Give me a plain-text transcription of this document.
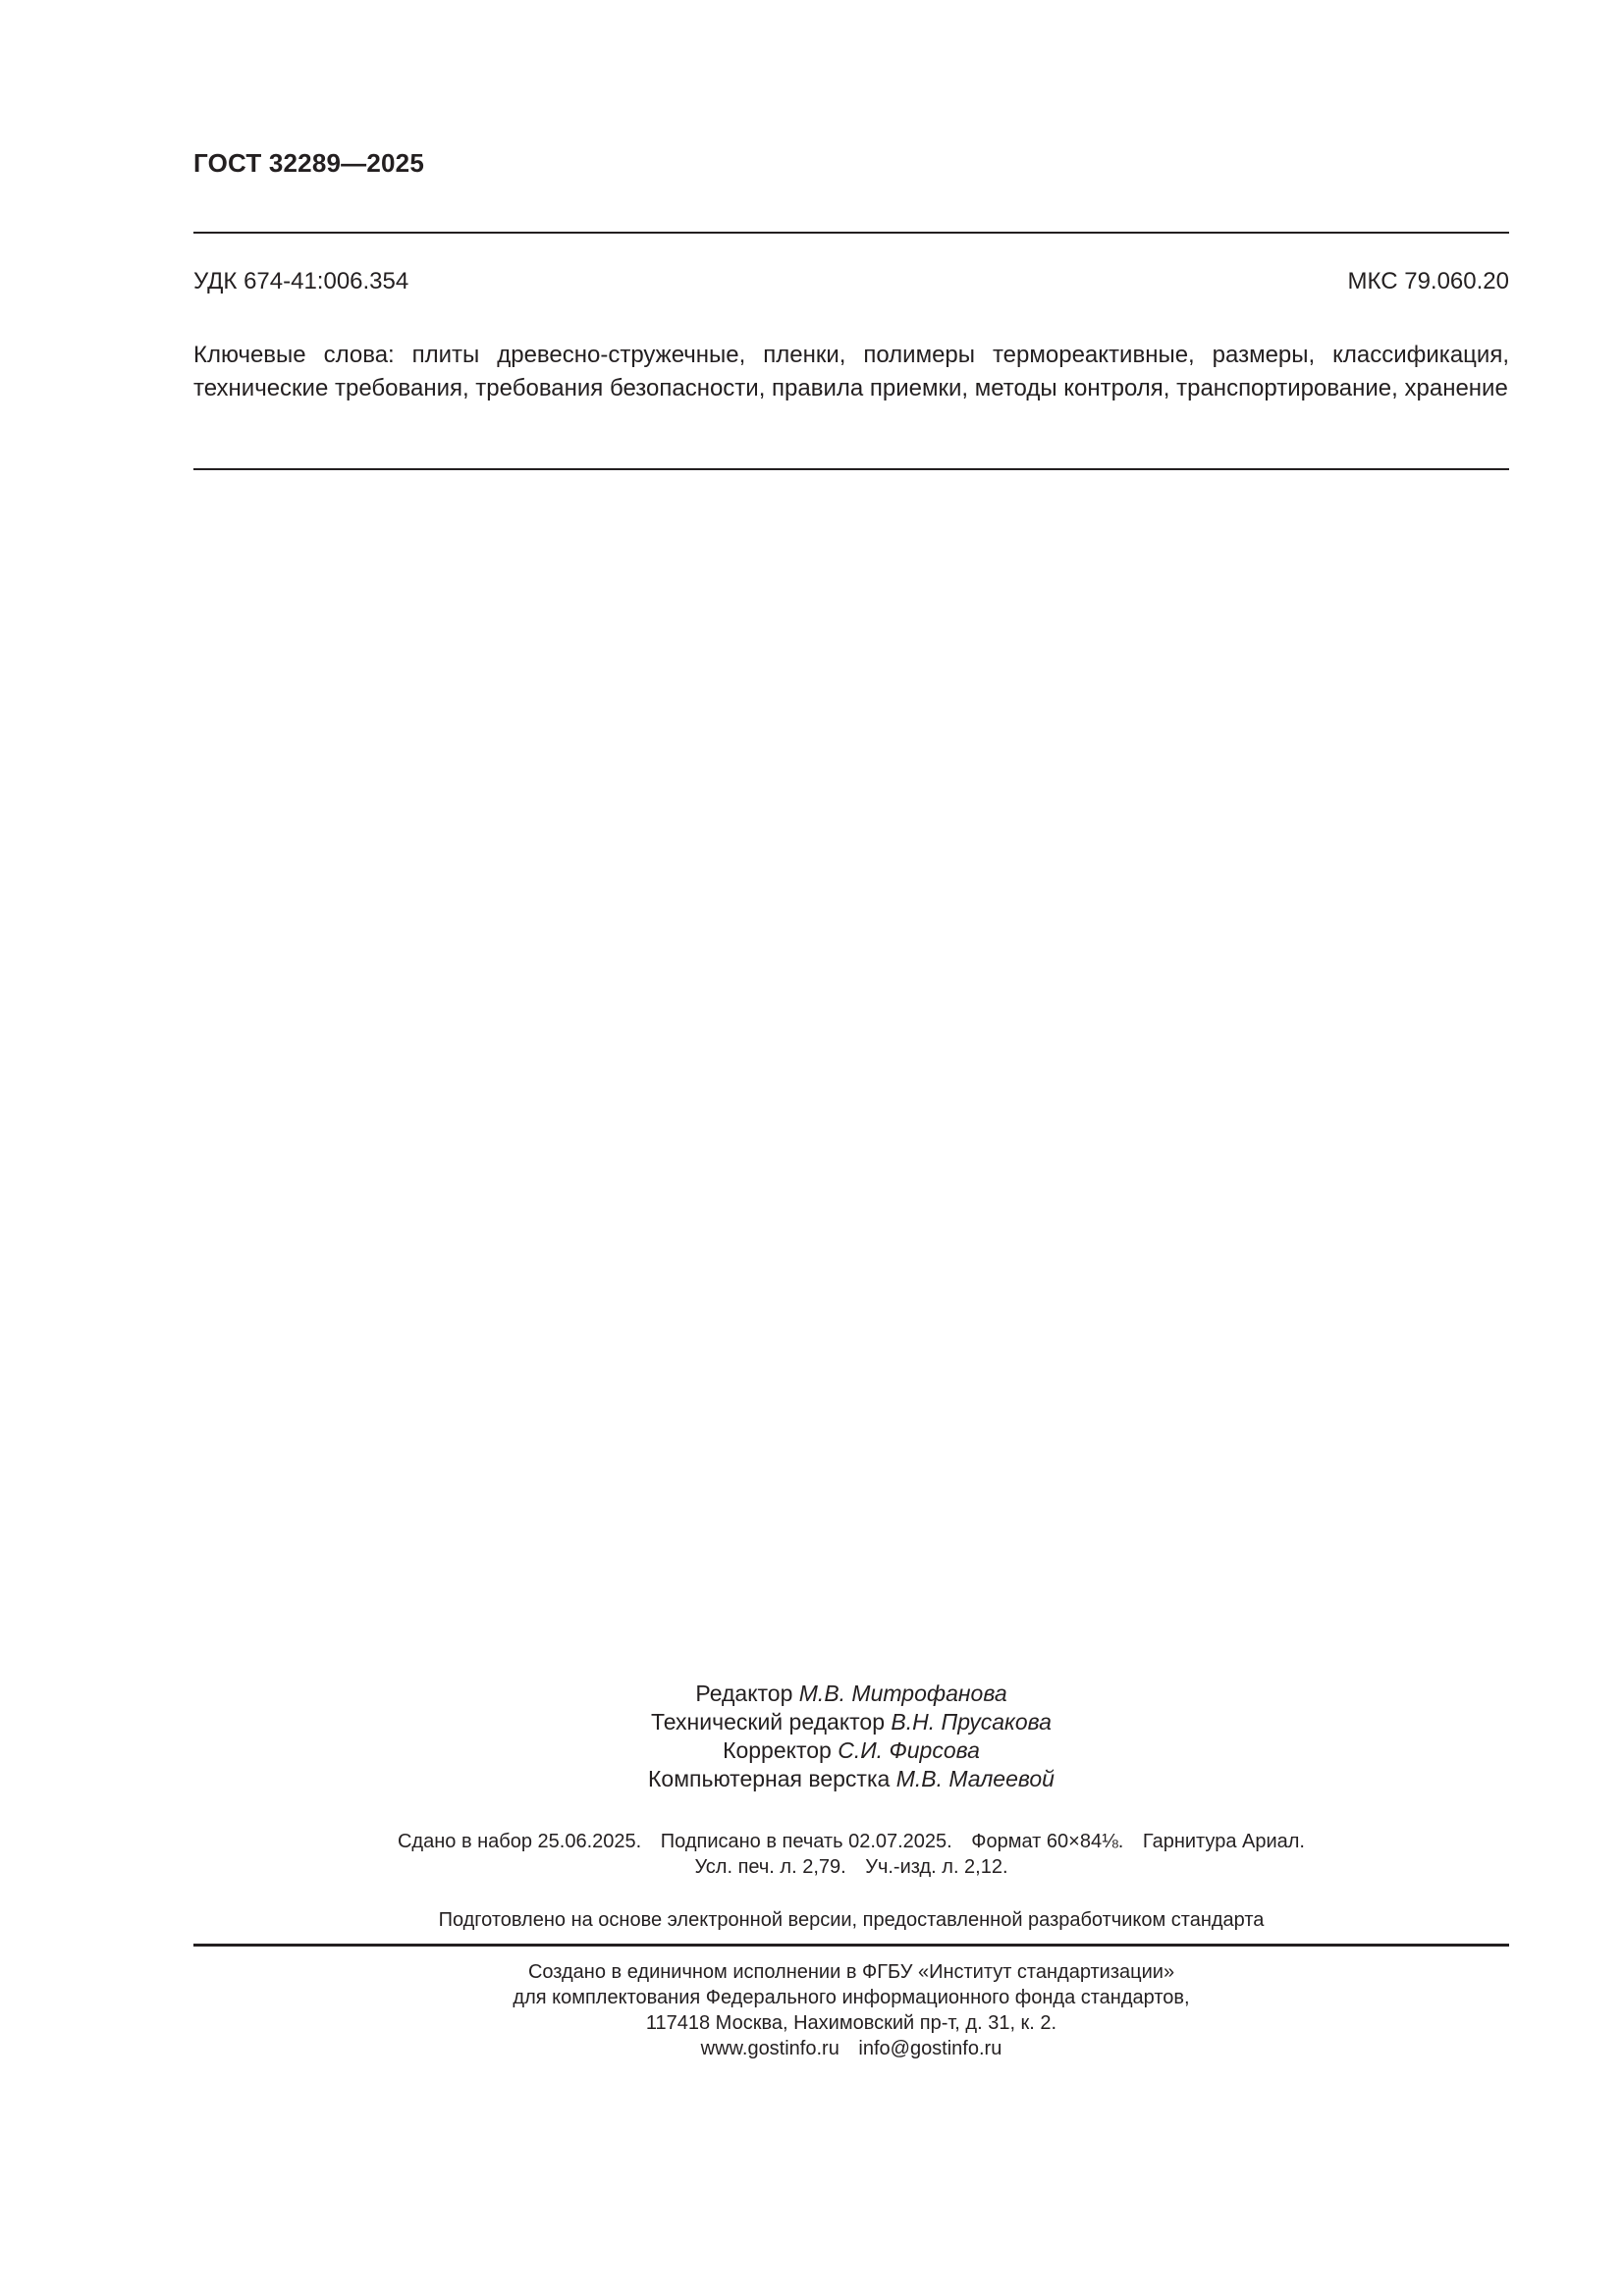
ГОСТ 32289—2025
УДК 674-41:006.354	МКС 79.060.20
Ключевые слова: плиты древесно-стружечные, пленки, полимеры термореактивные, размеры, классификация, технические требования, требования безопасности, правила приемки, методы контроля, транспортирование, хранение
Редактор М.В. Митрофанова
Технический редактор В.Н. Прусакова
Корректор С.И. Фирсова
Компьютерная верстка М.В. Малеевой
Сдано в набор 25.06.2025. Подписано в печать 02.07.2025. Формат 60×84⅛. Гарнитура Ариал.
Усл. печ. л. 2,79. Уч.-изд. л. 2,12.
Подготовлено на основе электронной версии, предоставленной разработчиком стандарта
Создано в единичном исполнении в ФГБУ «Институт стандартизации»
для комплектования Федерального информационного фонда стандартов,
117418 Москва, Нахимовский пр-т, д. 31, к. 2.
www.gostinfo.ru info@gostinfo.ru
